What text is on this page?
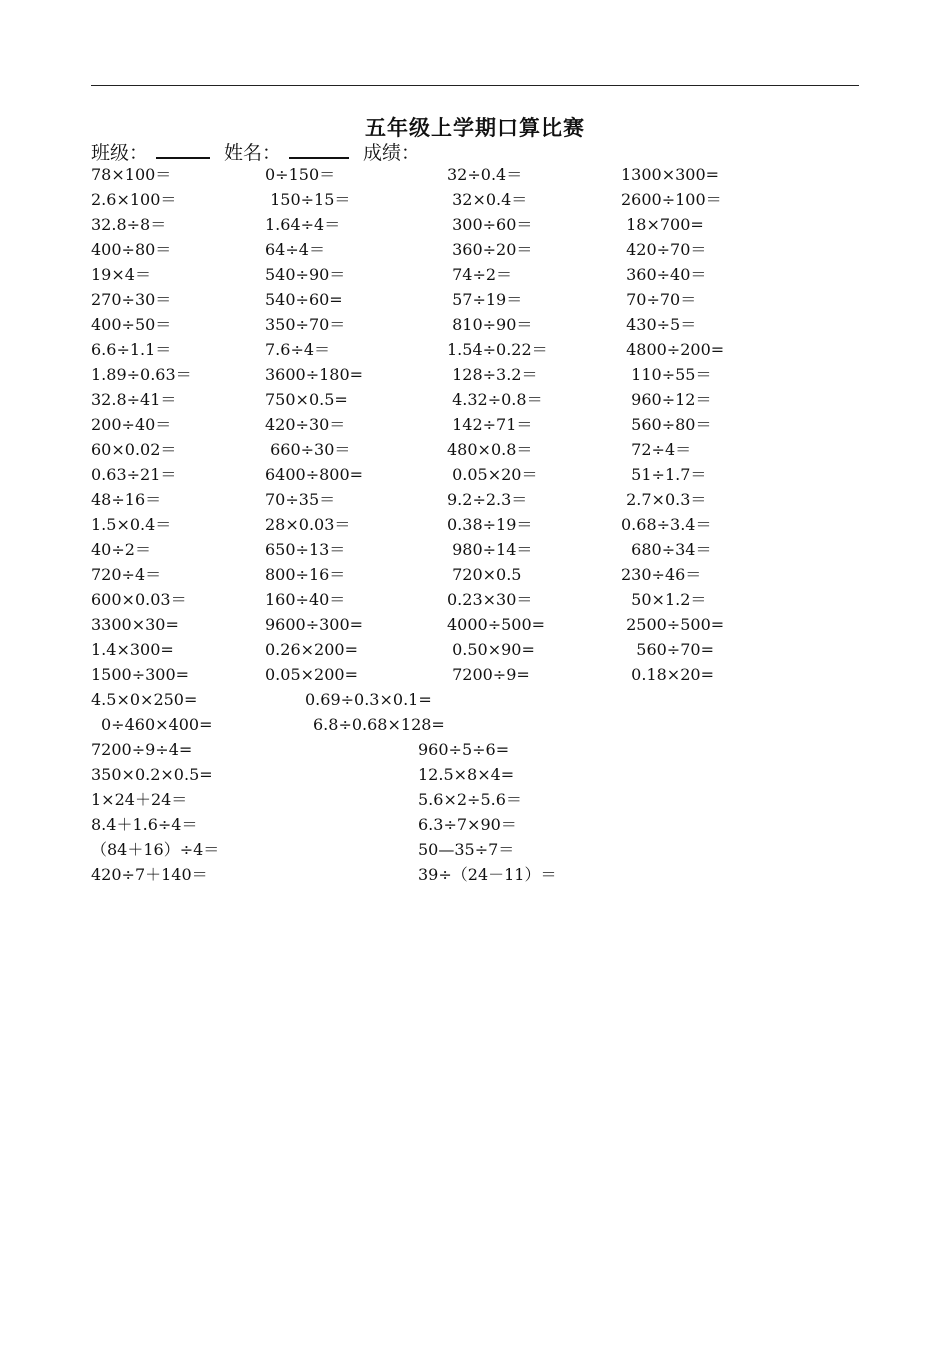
五年级上学期口算比赛
班级：	姓名：	成绩：
78×100＝	0÷150＝	32÷0.4＝	1300×300=
2.6×100＝	150÷15＝	32×0.4＝	2600÷100＝
32.8÷8＝	1.64÷4＝	300÷60＝	18×700=
400÷80＝	64÷4＝	360÷20＝	420÷70＝
19×4＝	540÷90＝	74÷2＝	360÷40＝
270÷30＝	540÷60=	57÷19＝	70÷70＝
400÷50＝	350÷70＝	810÷90＝	430÷5＝
6.6÷1.1＝	7.6÷4＝	1.54÷0.22＝	4800÷200=
1.89÷0.63＝	3600÷180=	128÷3.2＝	110÷55＝
32.8÷41＝	750×0.5=	4.32÷0.8＝	960÷12＝
200÷40＝	420÷30＝	142÷71＝	560÷80＝
60×0.02＝	660÷30＝	480×0.8＝	72÷4＝
0.63÷21＝	6400÷800=	0.05×20＝	51÷1.7＝
48÷16＝	70÷35＝	9.2÷2.3＝	2.7×0.3＝
1.5×0.4＝	28×0.03＝	0.38÷19＝	0.68÷3.4＝
40÷2＝	650÷13＝	980÷14＝	680÷34＝
720÷4＝	800÷16＝	720×0.5	230÷46＝
600×0.03＝	160÷40＝	0.23×30＝	50×1.2＝
3300×30=	9600÷300=	4000÷500=	2500÷500=
1.4×300=	0.26×200=	0.50×90=	560÷70=
1500÷300=	0.05×200=	7200÷9=	0.18×20=
4.5×0×250=	0.69÷0.3×0.1=
0÷460×400=	6.8÷0.68×128=
7200÷9÷4=	960÷5÷6=
350×0.2×0.5=	12.5×8×4=
1×24＋24＝	5.6×2÷5.6＝
8.4＋1.6÷4＝	6.3÷7×90＝
（84＋16）÷4＝	50—35÷7＝
420÷7＋140＝	39÷（24－11）＝
